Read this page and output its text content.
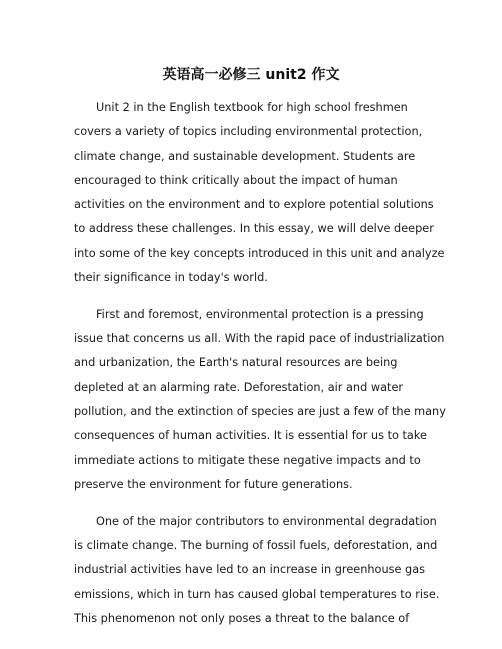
英语高一必修三 unit2 作文

Unit 2 in the English textbook for high school freshmen covers a variety of topics including environmental protection, climate change, and sustainable development. Students are encouraged to think critically about the impact of human activities on the environment and to explore potential solutions to address these challenges. In this essay, we will delve deeper into some of the key concepts introduced in this unit and analyze their significance in today's world.

First and foremost, environmental protection is a pressing issue that concerns us all. With the rapid pace of industrialization and urbanization, the Earth's natural resources are being depleted at an alarming rate. Deforestation, air and water pollution, and the extinction of species are just a few of the many consequences of human activities. It is essential for us to take immediate actions to mitigate these negative impacts and to preserve the environment for future generations.

One of the major contributors to environmental degradation is climate change. The burning of fossil fuels, deforestation, and industrial activities have led to an increase in greenhouse gas emissions, which in turn has caused global temperatures to rise. This phenomenon not only poses a threat to the balance of
